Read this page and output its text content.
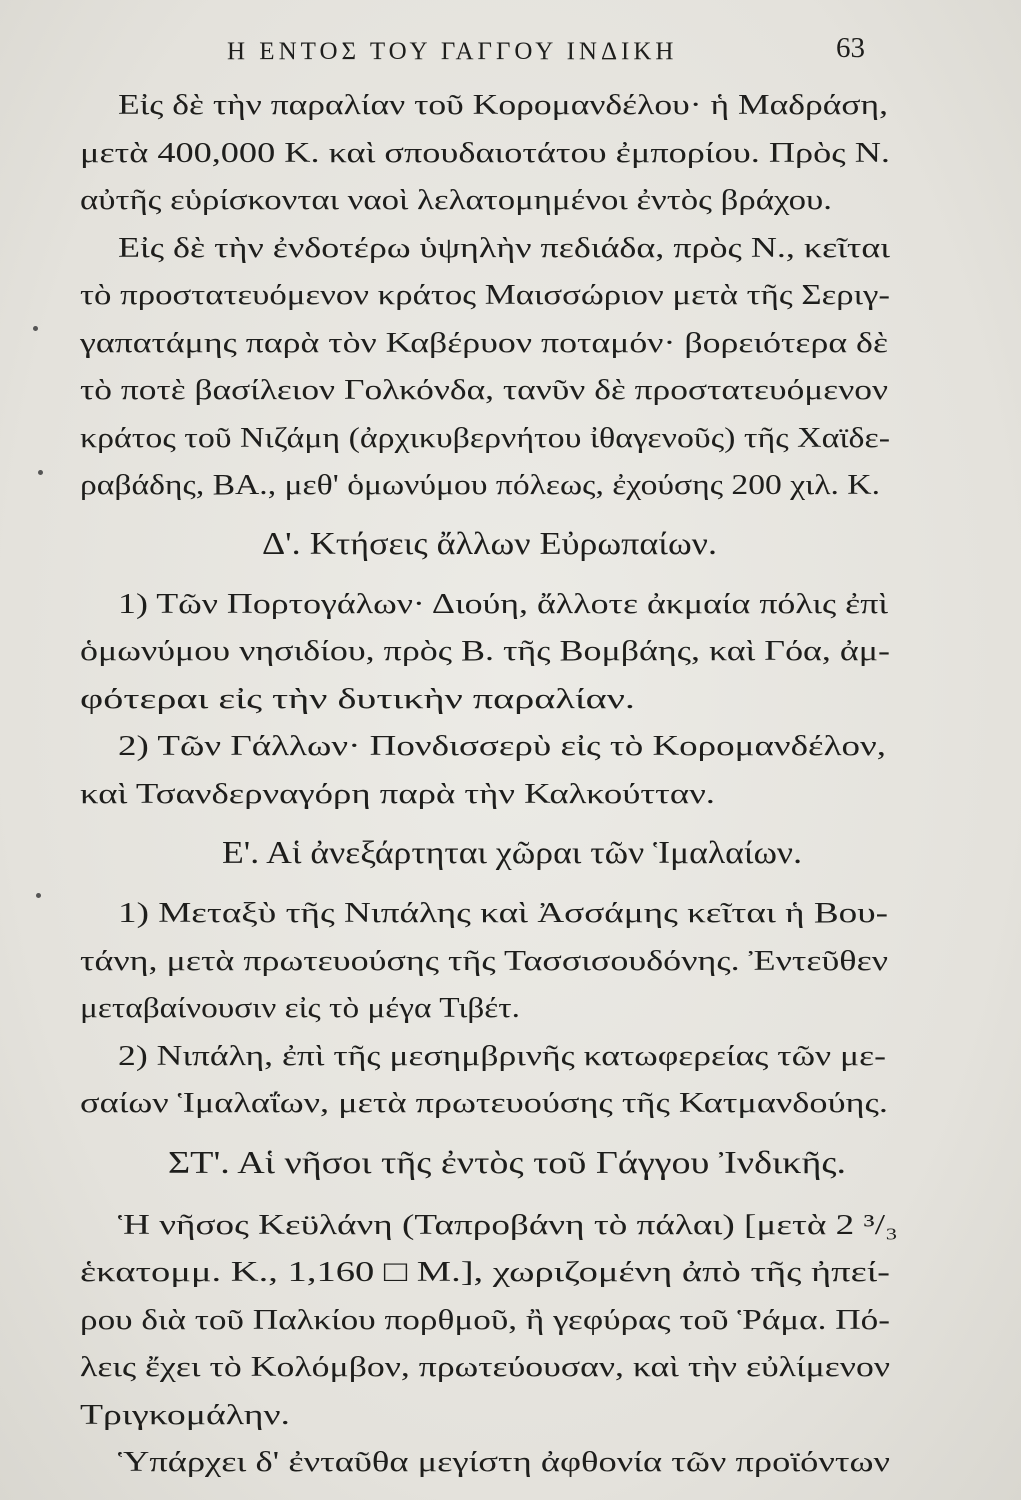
Η ΕΝΤΟΣ ΤΟΥ ΓΑΓΓΟΥ ΙΝΔΙΚΗ	63
Εἰς δὲ τὴν παραλίαν τοῦ Κορομανδέλου· ἡ Μαδράση,
μετὰ 400,000 Κ. καὶ σπουδαιοτάτου ἐμπορίου. Πρὸς Ν.
αὐτῆς εὑρίσκονται ναοὶ λελατομημένοι ἐντὸς βράχου.
Εἰς δὲ τὴν ἐνδοτέρω ὑψηλὴν πεδιάδα, πρὸς Ν., κεῖται
τὸ προστατευόμενον κράτος Μαισσώριον μετὰ τῆς Σεριγ-
γαπατάμης παρὰ τὸν Καβέρυον ποταμόν· βορειότερα δὲ
τὸ ποτὲ βασίλειον Γολκόνδα, τανῦν δὲ προστατευόμενον
κράτος τοῦ Νιζάμη (ἀρχικυβερνήτου ἰθαγενοῦς) τῆς Χαϊδε-
ραβάδης, ΒΑ., μεθ' ὁμωνύμου πόλεως, ἐχούσης 200 χιλ. Κ.
Δ'. Κτήσεις ἄλλων Εὐρωπαίων.
1) Τῶν Πορτογάλων· Διούη, ἄλλοτε ἀκμαία πόλις ἐπὶ
ὁμωνύμου νησιδίου, πρὸς Β. τῆς Βομβάης, καὶ Γόα, ἀμ-
φότεραι εἰς τὴν δυτικὴν παραλίαν.
2) Τῶν Γάλλων· Πονδισσερὺ εἰς τὸ Κορομανδέλον,
καὶ Τσανδερναγόρη παρὰ τὴν Καλκούτταν.
Ε'. Αἱ ἀνεξάρτηται χῶραι τῶν Ἱμαλαίων.
1) Μεταξὺ τῆς Νιπάλης καὶ Ἀσσάμης κεῖται ἡ Βου-
τάνη, μετὰ πρωτευούσης τῆς Τασσισουδόνης. Ἐντεῦθεν
μεταβαίνουσιν εἰς τὸ μέγα Τιβέτ.
2) Νιπάλη, ἐπὶ τῆς μεσημβρινῆς κατωφερείας τῶν με-
σαίων Ἱμαλαΐων, μετὰ πρωτευούσης τῆς Κατμανδούης.
ΣΤ'. Αἱ νῆσοι τῆς ἐντὸς τοῦ Γάγγου Ἰνδικῆς.
Ἡ νῆσος Κεϋλάνη (Ταπροβάνη τὸ πάλαι) [μετὰ 2 ³/₃
ἑκατομμ. Κ., 1,160 □ Μ.], χωριζομένη ἀπὸ τῆς ἠπεί-
ρου διὰ τοῦ Παλκίου πορθμοῦ, ἢ γεφύρας τοῦ Ῥάμα. Πό-
λεις ἔχει τὸ Κολόμβον, πρωτεύουσαν, καὶ τὴν εὐλίμενον
Τριγκομάλην.
Ὑπάρχει δ' ἐνταῦθα μεγίστη ἀφθονία τῶν προϊόντων
